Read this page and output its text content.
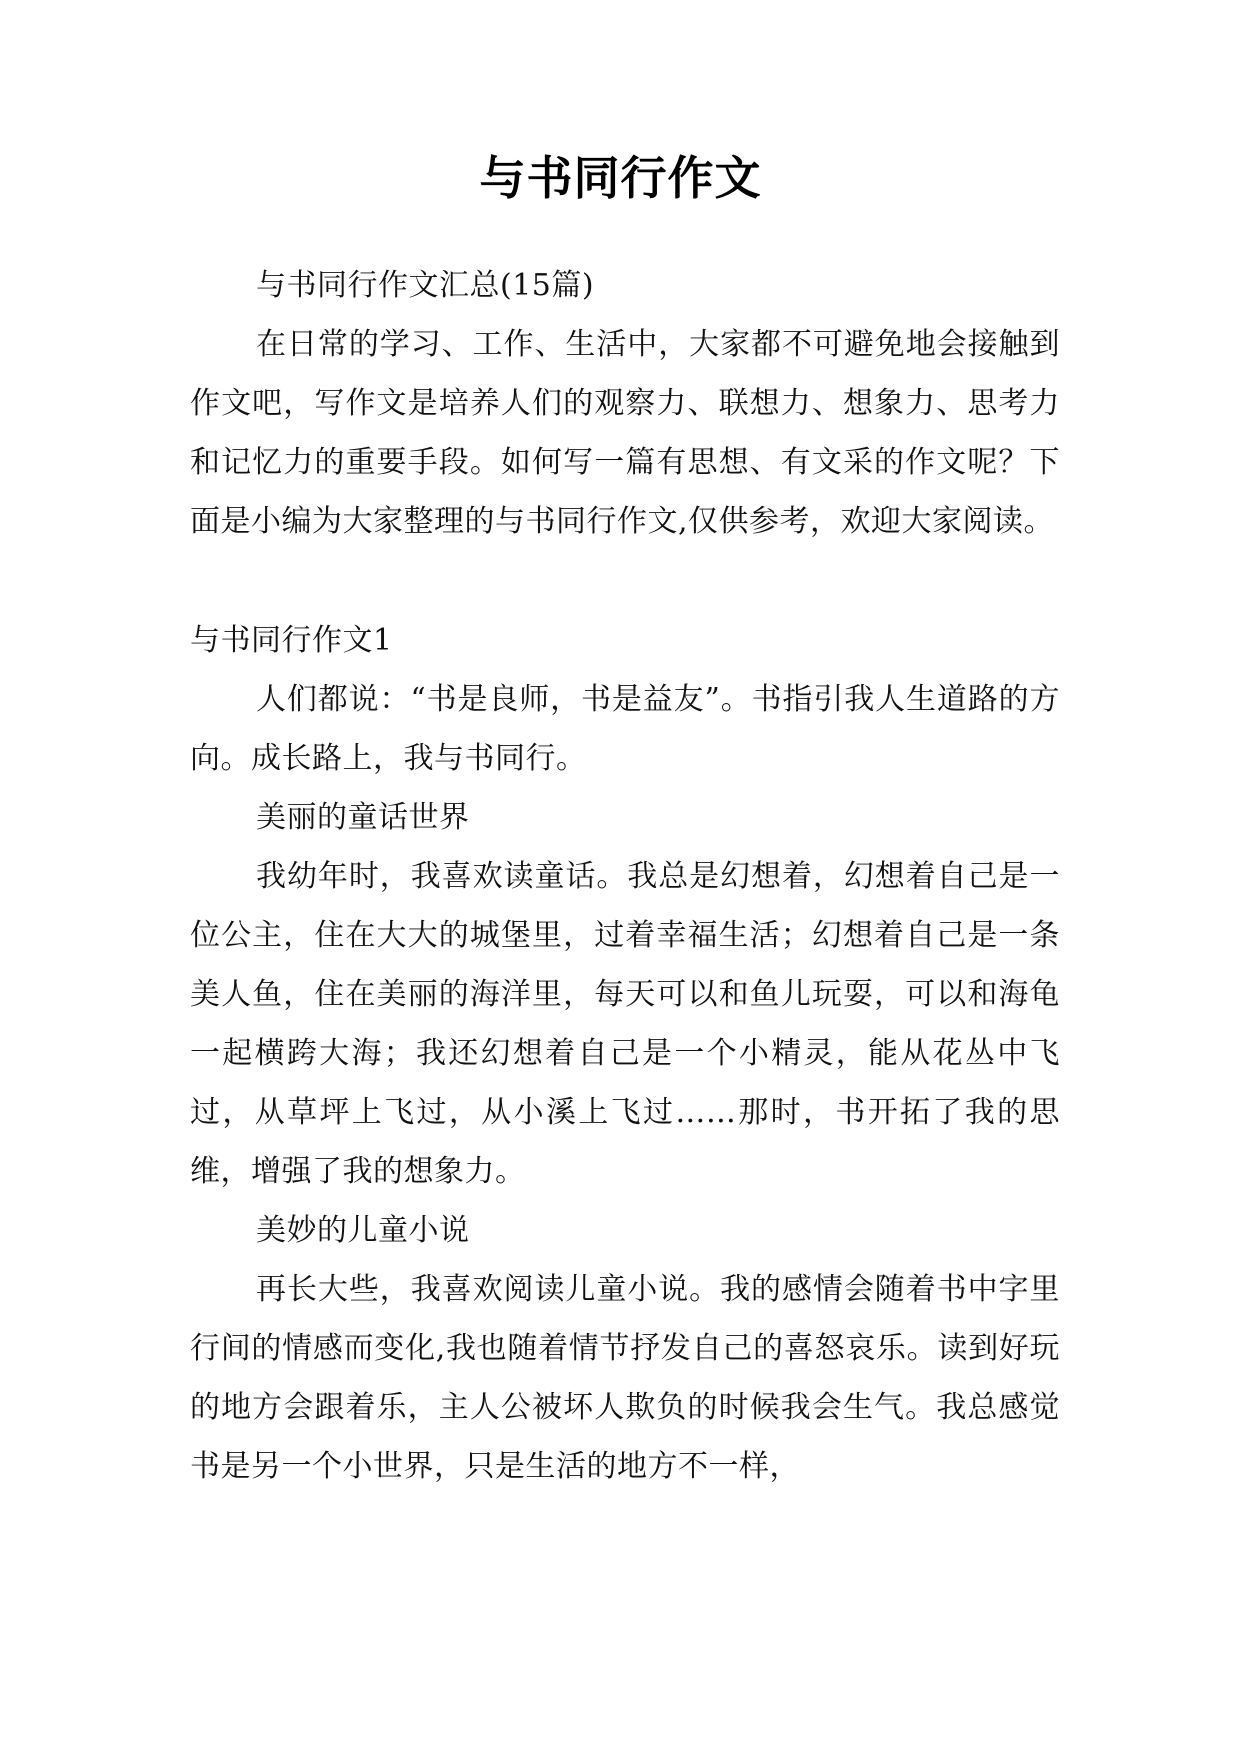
与书同行作文

与书同行作文汇总(15篇)

在日常的学习、工作、生活中，大家都不可避免地会接触到作文吧，写作文是培养人们的观察力、联想力、想象力、思考力和记忆力的重要手段。如何写一篇有思想、有文采的作文呢？下面是小编为大家整理的与书同行作文,仅供参考，欢迎大家阅读。

与书同行作文1

人们都说：“书是良师，书是益友”。书指引我人生道路的方向。成长路上，我与书同行。

美丽的童话世界

我幼年时，我喜欢读童话。我总是幻想着，幻想着自己是一位公主，住在大大的城堡里，过着幸福生活；幻想着自己是一条美人鱼，住在美丽的海洋里，每天可以和鱼儿玩耍，可以和海龟一起横跨大海；我还幻想着自己是一个小精灵，能从花丛中飞过，从草坪上飞过，从小溪上飞过……那时，书开拓了我的思维，增强了我的想象力。

美妙的儿童小说

再长大些，我喜欢阅读儿童小说。我的感情会随着书中字里行间的情感而变化,我也随着情节抒发自己的喜怒哀乐。读到好玩的地方会跟着乐，主人公被坏人欺负的时候我会生气。我总感觉书是另一个小世界，只是生活的地方不一样，
